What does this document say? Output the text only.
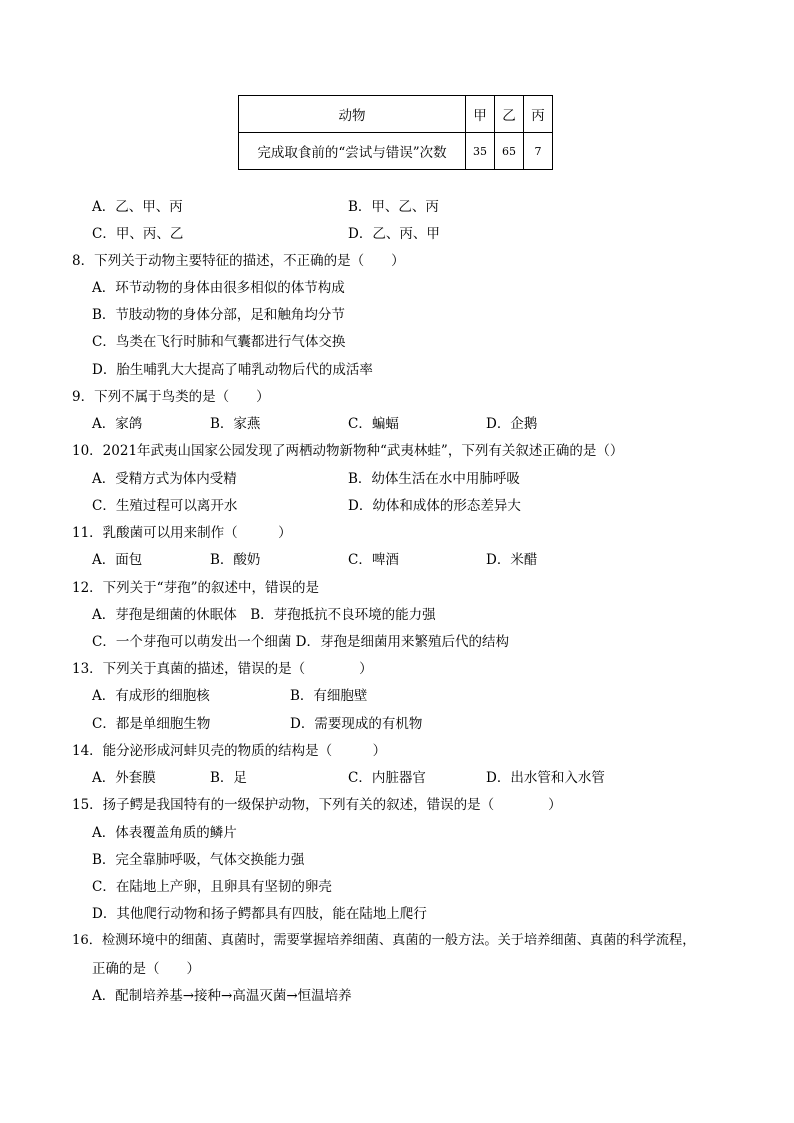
动物	甲	乙	丙
完成取食前的“尝试与错误”次数	35	65	7
A．乙、甲、丙	B．甲、乙、丙
C．甲、丙、乙	D．乙、丙、甲
8．下列关于动物主要特征的描述，不正确的是（　　）
A．环节动物的身体由很多相似的体节构成
B．节肢动物的身体分部，足和触角均分节
C．鸟类在飞行时肺和气囊都进行气体交换
D．胎生哺乳大大提高了哺乳动物后代的成活率
9．下列不属于鸟类的是（　　）
A．家鸽	B．家燕	C．蝙蝠	D．企鹅
10．2021年武夷山国家公园发现了两栖动物新物种“武夷林蛙”，下列有关叙述正确的是（）
A．受精方式为体内受精	B．幼体生活在水中用肺呼吸
C．生殖过程可以离开水	D．幼体和成体的形态差异大
11．乳酸菌可以用来制作（　　　）
A．面包	B．酸奶	C．啤酒	D．米醋
12．下列关于“芽孢”的叙述中，错误的是
A．芽孢是细菌的休眠体　B．芽孢抵抗不良环境的能力强
C．一个芽孢可以萌发出一个细菌 D．芽孢是细菌用来繁殖后代的结构
13．下列关于真菌的描述，错误的是（　　　　）
A．有成形的细胞核	B．有细胞壁
C．都是单细胞生物	D．需要现成的有机物
14．能分泌形成河蚌贝壳的物质的结构是（　　　）
A．外套膜	B．足	C．内脏器官	D．出水管和入水管
15．扬子鳄是我国特有的一级保护动物，下列有关的叙述，错误的是（　　　　）
A．体表覆盖角质的鳞片
B．完全靠肺呼吸，气体交换能力强
C．在陆地上产卵，且卵具有坚韧的卵壳
D．其他爬行动物和扬子鳄都具有四肢，能在陆地上爬行
16．检测环境中的细菌、真菌时，需要掌握培养细菌、真菌的一般方法。关于培养细菌、真菌的科学流程，
正确的是（　　）
A．配制培养基→接种→高温灭菌→恒温培养
